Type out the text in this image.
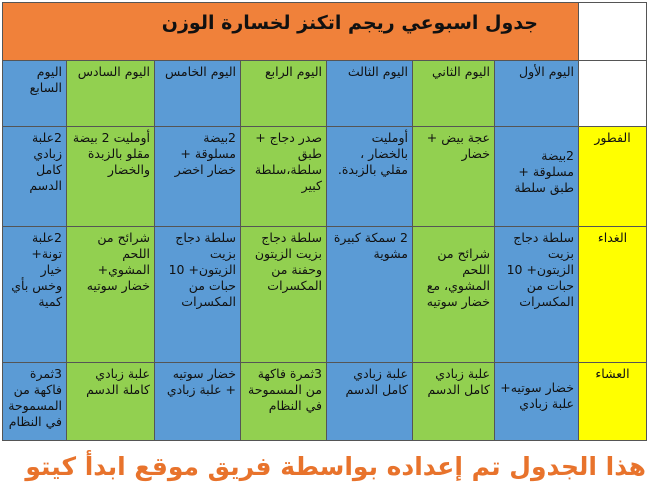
	جدول اسبوعي ريجم اتكنز لخسارة الوزن						
	اليوم الأول	اليوم الثاني	اليوم الثالث	اليوم الرابع	اليوم الخامس	اليوم السادس	اليوم السابع
الفطور	2بيضة مسلوقة + طبق سلطة	عجة بيض + خضار	أومليت بالخضار ، مقلي بالزبدة.	صدر دجاج + طبق سلطة،سلطة كبير	2بيضة مسلوقة + خضار اخضر	أومليت 2 بيضة مقلو بالزبدة والخضار	2علبة زبادي كامل الدسم

الغداء	سلطة دجاج بزيت الزيتون+ 10 حبات من المكسرات	شرائح من اللحم المشوي، مع خضار سوتيه	2 سمكة كبيرة مشوية	سلطة دجاج بزيت الزيتون وحفنة من المكسرات	سلطة دجاج بزيت الزيتون+ 10 حبات من المكسرات	شرائح من اللحم المشوي+ خضار سوتيه	2علبة تونة+ خيار وخس بأي كمية

العشاء	خضار سوتيه+ علبة زبادي	علبة زبادي كامل الدسم	علبة زبادي كامل الدسم	3ثمرة فاكهة من المسموحة في النظام	خضار سوتيه + علبة زبادي	علبة زبادي كاملة الدسم	3ثمرة فاكهة من المسموحة في النظام
هذا الجدول تم إعداده بواسطة فريق موقع ابدأ كيتو
